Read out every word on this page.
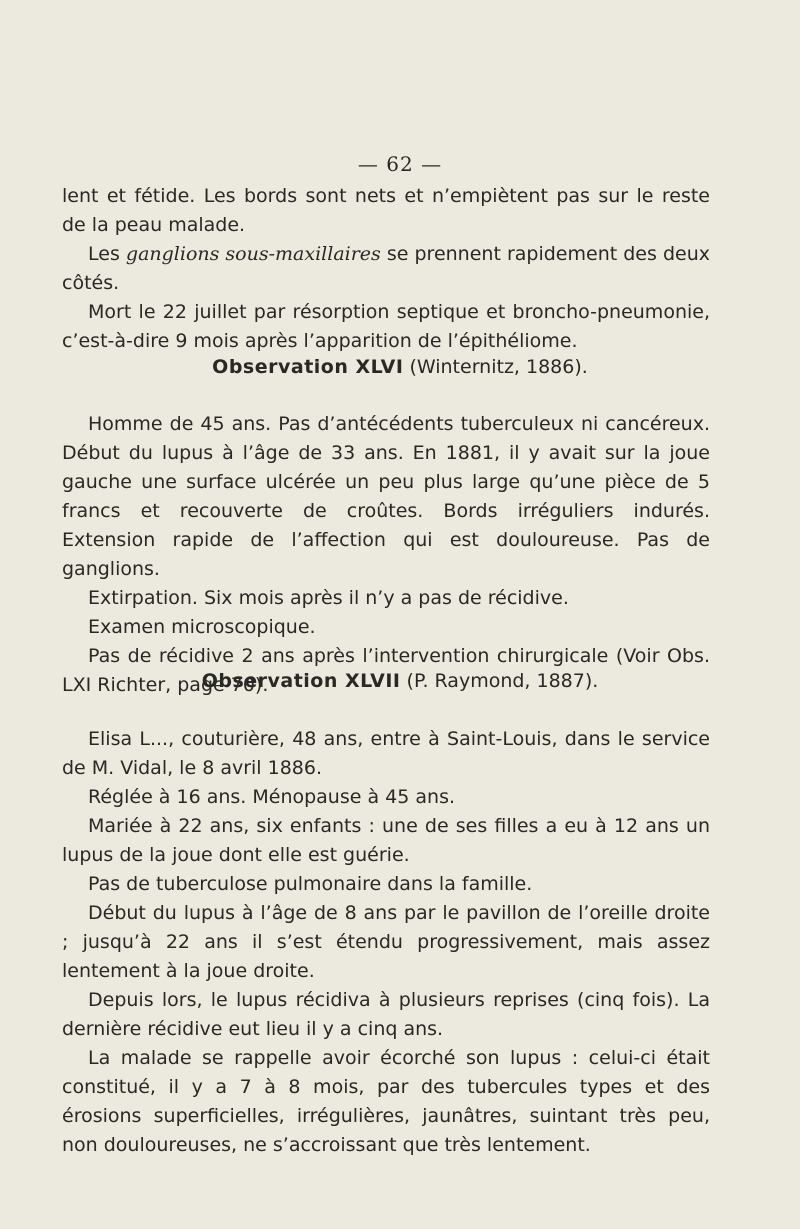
— 62 —

lent et fétide. Les bords sont nets et n’empiètent pas sur le reste de la peau malade.

Les ganglions sous-maxillaires se prennent rapidement des deux côtés.

Mort le 22 juillet par résorption septique et broncho-pneumonie, c’est-à-dire 9 mois après l’apparition de l’épithéliome.

Observation XLVI (Winternitz, 1886).

Homme de 45 ans. Pas d’antécédents tuberculeux ni cancéreux. Début du lupus à l’âge de 33 ans. En 1881, il y avait sur la joue gauche une surface ulcérée un peu plus large qu’une pièce de 5 francs et recouverte de croûtes. Bords irréguliers indurés. Extension rapide de l’affection qui est douloureuse. Pas de ganglions.

Extirpation. Six mois après il n’y a pas de récidive.

Examen microscopique.

Pas de récidive 2 ans après l’intervention chirurgicale (Voir Obs. LXI Richter, page 70).

Observation XLVII (P. Raymond, 1887).

Elisa L..., couturière, 48 ans, entre à Saint-Louis, dans le service de M. Vidal, le 8 avril 1886.

Réglée à 16 ans. Ménopause à 45 ans.

Mariée à 22 ans, six enfants : une de ses filles a eu à 12 ans un lupus de la joue dont elle est guérie.

Pas de tuberculose pulmonaire dans la famille.

Début du lupus à l’âge de 8 ans par le pavillon de l’oreille droite ; jusqu’à 22 ans il s’est étendu progressivement, mais assez lentement à la joue droite.

Depuis lors, le lupus récidiva à plusieurs reprises (cinq fois). La dernière récidive eut lieu il y a cinq ans.

La malade se rappelle avoir écorché son lupus : celui-ci était constitué, il y a 7 à 8 mois, par des tubercules types et des érosions superficielles, irrégulières, jaunâtres, suintant très peu, non douloureuses, ne s’accroissant que très lentement.
